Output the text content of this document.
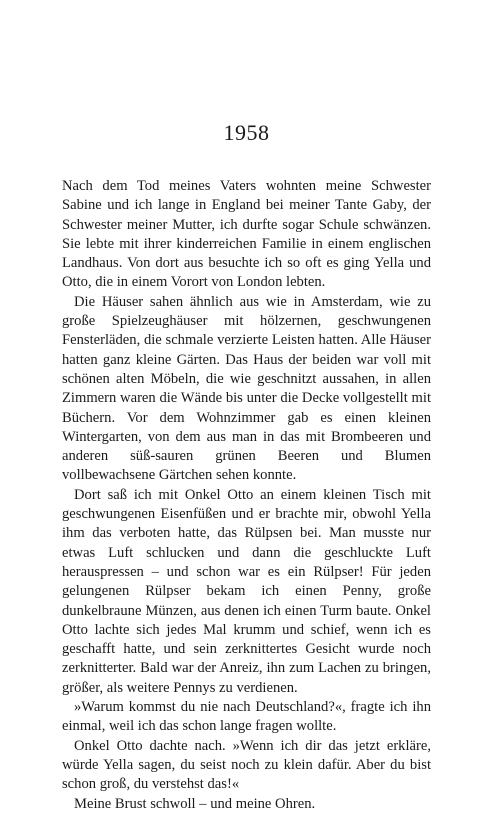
1958

Nach dem Tod meines Vaters wohnten meine Schwester Sabine und ich lange in England bei meiner Tante Gaby, der Schwester meiner Mutter, ich durfte sogar Schule schwänzen. Sie lebte mit ihrer kinderreichen Familie in einem englischen Landhaus. Von dort aus besuchte ich so oft es ging Yella und Otto, die in einem Vorort von London lebten.

Die Häuser sahen ähnlich aus wie in Amsterdam, wie zu große Spielzeughäuser mit hölzernen, geschwungenen Fensterläden, die schmale verzierte Leisten hatten. Alle Häuser hatten ganz kleine Gärten. Das Haus der beiden war voll mit schönen alten Möbeln, die wie geschnitzt aussahen, in allen Zimmern waren die Wände bis unter die Decke vollgestellt mit Büchern. Vor dem Wohnzimmer gab es einen kleinen Wintergarten, von dem aus man in das mit Brombeeren und anderen süß-sauren grünen Beeren und Blumen vollbewachsene Gärtchen sehen konnte.

Dort saß ich mit Onkel Otto an einem kleinen Tisch mit geschwungenen Eisenfüßen und er brachte mir, obwohl Yella ihm das verboten hatte, das Rülpsen bei. Man musste nur etwas Luft schlucken und dann die geschluckte Luft herauspressen – und schon war es ein Rülpser! Für jeden gelungenen Rülpser bekam ich einen Penny, große dunkelbraune Münzen, aus denen ich einen Turm baute. Onkel Otto lachte sich jedes Mal krumm und schief, wenn ich es geschafft hatte, und sein zerknittertes Gesicht wurde noch zerknitterter. Bald war der Anreiz, ihn zum Lachen zu bringen, größer, als weitere Pennys zu verdienen.

»Warum kommst du nie nach Deutschland?«, fragte ich ihn einmal, weil ich das schon lange fragen wollte.

Onkel Otto dachte nach. »Wenn ich dir das jetzt erkläre, würde Yella sagen, du seist noch zu klein dafür. Aber du bist schon groß, du verstehst das!«

Meine Brust schwoll – und meine Ohren.
